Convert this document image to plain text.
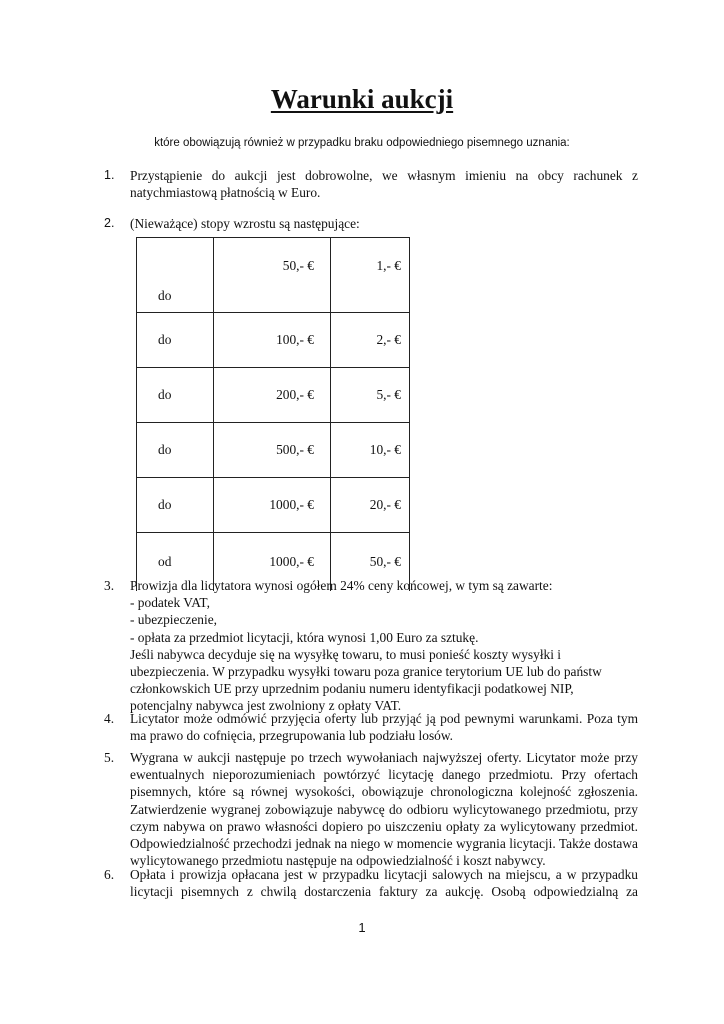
Warunki aukcji

które obowiązują również w przypadku braku odpowiedniego pisemnego uznania:

1.	Przystąpienie do aukcji jest dobrowolne, we własnym imieniu na obcy rachunek z
natychmiastową płatnością w Euro.
2.	(Nieważące) stopy wzrostu są następujące:
do	50,- €	1,- €
do	100,- €	2,- €
do	200,- €	5,- €
do	500,- €	10,- €
do	1000,- €	20,- €
od	1000,- €	50,- €
3.	Prowizja dla licytatora wynosi ogółem 24% ceny końcowej, w tym są zawarte:
- podatek VAT,
- ubezpieczenie,
- opłata za przedmiot licytacji, która wynosi 1,00 Euro za sztukę.
Jeśli nabywca decyduje się na wysyłkę towaru, to musi ponieść koszty wysyłki i
ubezpieczenia. W przypadku wysyłki towaru poza granice terytorium UE lub do państw
członkowskich UE przy uprzednim podaniu numeru identyfikacji podatkowej NIP,
potencjalny nabywca jest zwolniony z opłaty VAT.
4.	Licytator może odmówić przyjęcia oferty lub przyjąć ją pod pewnymi warunkami. Poza tym
ma prawo do cofnięcia, przegrupowania lub podziału losów.
5.	Wygrana w aukcji następuje po trzech wywołaniach najwyższej oferty. Licytator może przy
ewentualnych nieporozumieniach powtórzyć licytację danego przedmiotu. Przy ofertach
pisemnych, które są równej wysokości, obowiązuje chronologiczna kolejność zgłoszenia.
Zatwierdzenie wygranej zobowiązuje nabywcę do odbioru wylicytowanego przedmiotu, przy
czym nabywa on prawo własności dopiero po uiszczeniu opłaty za wylicytowany przedmiot.
Odpowiedzialność przechodzi jednak na niego w momencie wygrania licytacji. Także dostawa
wylicytowanego przedmiotu następuje na odpowiedzialność i koszt nabywcy.
6.	Opłata i prowizja opłacana jest w przypadku licytacji salowych na miejscu, a w przypadku
licytacji pisemnych z chwilą dostarczenia faktury za aukcję. Osobą odpowiedzialną za
1
